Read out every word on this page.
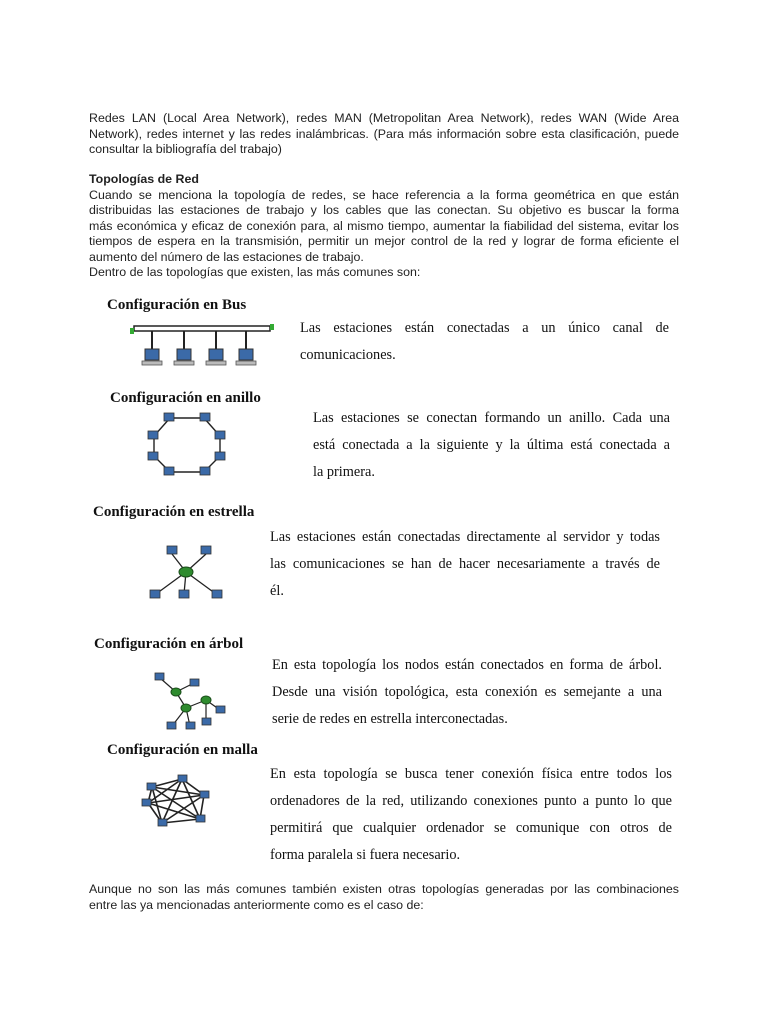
Redes LAN (Local Area Network), redes MAN (Metropolitan Area Network), redes WAN (Wide Area
Network), redes internet y las redes inalámbricas. (Para más información sobre esta clasificación, puede
consultar la bibliografía del trabajo)
Topologías de Red
Cuando se menciona la topología de redes, se hace referencia a la forma geométrica en que están
distribuidas las estaciones de trabajo y los cables que las conectan. Su objetivo es buscar la forma
más económica y eficaz de conexión para, al mismo tiempo, aumentar la fiabilidad del sistema, evitar los
tiempos de espera en la transmisión, permitir un mejor control de la red y lograr de forma eficiente el
aumento del número de las estaciones de trabajo.
Dentro de las topologías que existen, las más comunes son:
Configuración en Bus
Las estaciones están conectadas a un único canal de
comunicaciones.
Configuración en anillo
Las estaciones se conectan formando un anillo. Cada una
está conectada a la siguiente y la última está conectada a
la primera.
Configuración en estrella
Las estaciones están conectadas directamente al servidor y todas
las comunicaciones se han de hacer necesariamente a través de
él.
Configuración en árbol
En esta topología los nodos están conectados en forma de árbol.
Desde una visión topológica, esta conexión es semejante a una
serie de redes en estrella interconectadas.
Configuración en malla
En esta topología se busca tener conexión física entre todos los
ordenadores de la red, utilizando conexiones punto a punto lo que
permitirá que cualquier ordenador se comunique con otros de
forma paralela si fuera necesario.
Aunque no son las más comunes también existen otras topologías generadas por las combinaciones
entre las ya mencionadas anteriormente como es el caso de:
